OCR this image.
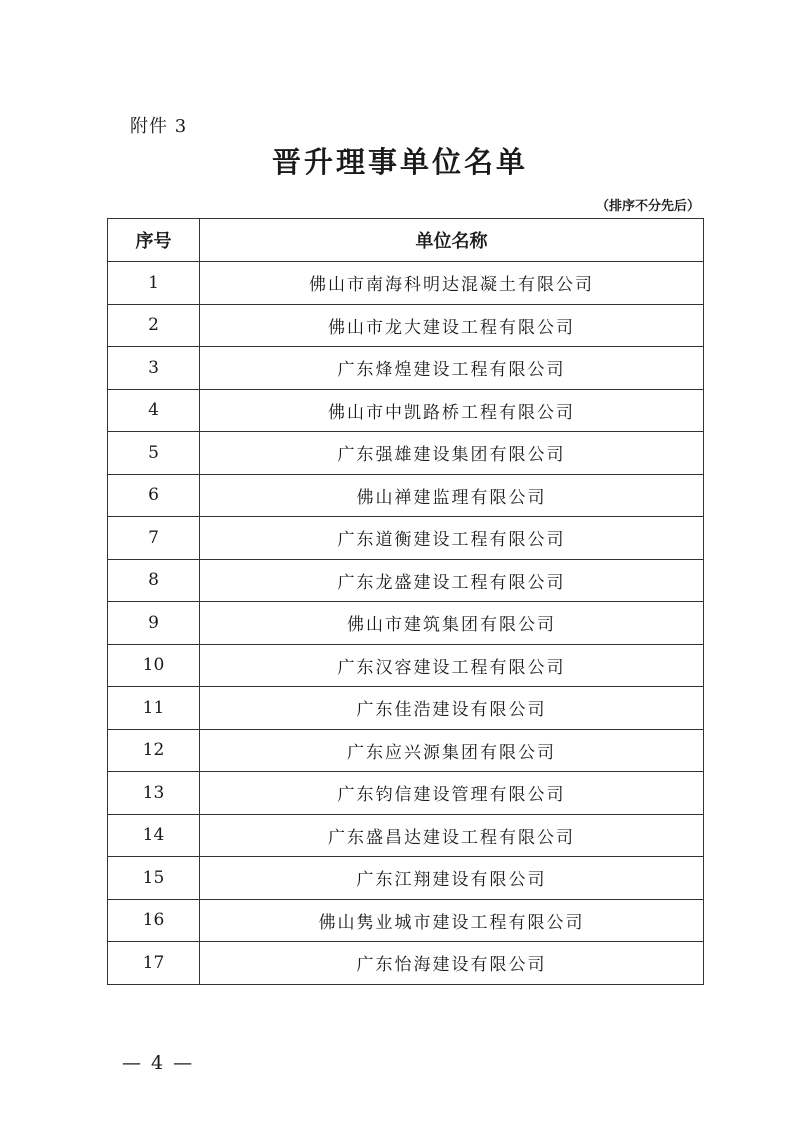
附件 3
晋升理事单位名单
（排序不分先后）
序号	单位名称
1	佛山市南海科明达混凝土有限公司
2	佛山市龙大建设工程有限公司
3	广东烽煌建设工程有限公司
4	佛山市中凯路桥工程有限公司
5	广东强雄建设集团有限公司
6	佛山禅建监理有限公司
7	广东道衡建设工程有限公司
8	广东龙盛建设工程有限公司
9	佛山市建筑集团有限公司
10	广东汉容建设工程有限公司
11	广东佳浩建设有限公司
12	广东应兴源集团有限公司
13	广东钧信建设管理有限公司
14	广东盛昌达建设工程有限公司
15	广东江翔建设有限公司
16	佛山隽业城市建设工程有限公司
17	广东怡海建设有限公司
— 4 —
